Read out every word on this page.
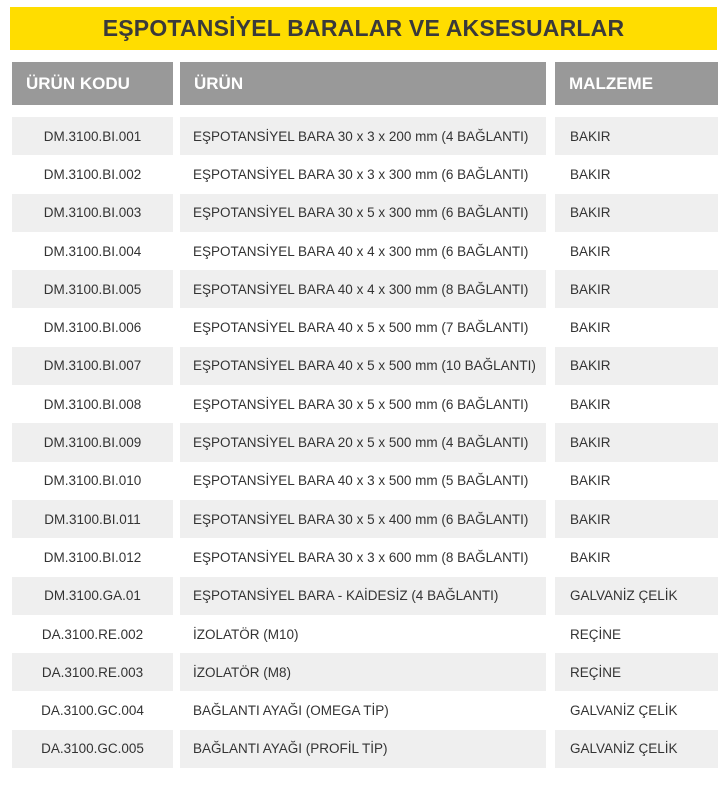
EŞPOTANSİYEL BARALAR VE AKSESUARLAR
ÜRÜN KODU	ÜRÜN	MALZEME
DM.3100.BI.001	EŞPOTANSİYEL BARA 30 x 3 x 200 mm (4 BAĞLANTI)	BAKIR
DM.3100.BI.002	EŞPOTANSİYEL BARA 30 x 3 x 300 mm (6 BAĞLANTI)	BAKIR
DM.3100.BI.003	EŞPOTANSİYEL BARA 30 x 5 x 300 mm (6 BAĞLANTI)	BAKIR
DM.3100.BI.004	EŞPOTANSİYEL BARA 40 x 4 x 300 mm (6 BAĞLANTI)	BAKIR
DM.3100.BI.005	EŞPOTANSİYEL BARA 40 x 4 x 300 mm (8 BAĞLANTI)	BAKIR
DM.3100.BI.006	EŞPOTANSİYEL BARA 40 x 5 x 500 mm (7 BAĞLANTI)	BAKIR
DM.3100.BI.007	EŞPOTANSİYEL BARA 40 x 5 x 500 mm (10 BAĞLANTI)	BAKIR
DM.3100.BI.008	EŞPOTANSİYEL BARA 30 x 5 x 500 mm (6 BAĞLANTI)	BAKIR
DM.3100.BI.009	EŞPOTANSİYEL BARA 20 x 5 x 500 mm (4 BAĞLANTI)	BAKIR
DM.3100.BI.010	EŞPOTANSİYEL BARA 40 x 3 x 500 mm (5 BAĞLANTI)	BAKIR
DM.3100.BI.011	EŞPOTANSİYEL BARA 30 x 5 x 400 mm (6 BAĞLANTI)	BAKIR
DM.3100.BI.012	EŞPOTANSİYEL BARA 30 x 3 x 600 mm (8 BAĞLANTI)	BAKIR
DM.3100.GA.01	EŞPOTANSİYEL BARA - KAİDESİZ (4 BAĞLANTI)	GALVANİZ ÇELİK
DA.3100.RE.002	İZOLATÖR (M10)	REÇİNE
DA.3100.RE.003	İZOLATÖR (M8)	REÇİNE
DA.3100.GC.004	BAĞLANTI AYAĞI (OMEGA TİP)	GALVANİZ ÇELİK
DA.3100.GC.005	BAĞLANTI AYAĞI (PROFİL TİP)	GALVANİZ ÇELİK
